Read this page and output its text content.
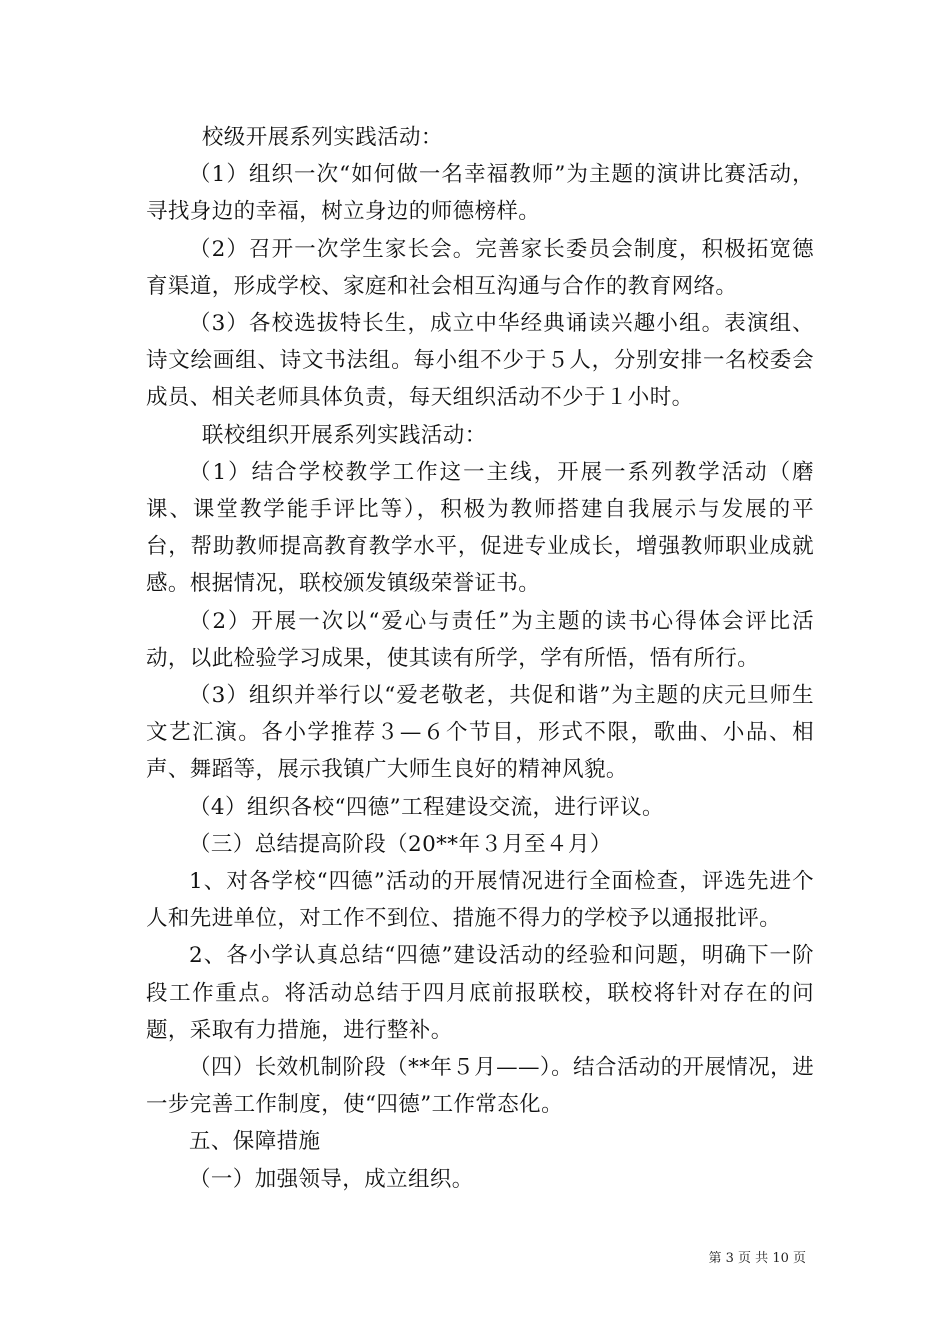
校级开展系列实践活动：

（1）组织一次“如何做一名幸福教师”为主题的演讲比赛活动，寻找身边的幸福，树立身边的师德榜样。

（2）召开一次学生家长会。完善家长委员会制度，积极拓宽德育渠道，形成学校、家庭和社会相互沟通与合作的教育网络。

（3）各校选拔特长生，成立中华经典诵读兴趣小组。表演组、诗文绘画组、诗文书法组。每小组不少于５人，分别安排一名校委会成员、相关老师具体负责，每天组织活动不少于１小时。

联校组织开展系列实践活动：

（1）结合学校教学工作这一主线，开展一系列教学活动（磨课、课堂教学能手评比等），积极为教师搭建自我展示与发展的平台，帮助教师提高教育教学水平，促进专业成长，增强教师职业成就感。根据情况，联校颁发镇级荣誉证书。

（2）开展一次以“爱心与责任”为主题的读书心得体会评比活动，以此检验学习成果，使其读有所学，学有所悟，悟有所行。

（3）组织并举行以“爱老敬老，共促和谐”为主题的庆元旦师生文艺汇演。各小学推荐３—６个节目，形式不限，歌曲、小品、相声、舞蹈等，展示我镇广大师生良好的精神风貌。

（4）组织各校“四德”工程建设交流，进行评议。

（三）总结提高阶段（20**年３月至４月）

1、对各学校“四德”活动的开展情况进行全面检查，评选先进个人和先进单位，对工作不到位、措施不得力的学校予以通报批评。

2、各小学认真总结“四德”建设活动的经验和问题，明确下一阶段工作重点。将活动总结于四月底前报联校，联校将针对存在的问题，采取有力措施，进行整补。

（四）长效机制阶段（**年５月——）。结合活动的开展情况，进一步完善工作制度，使“四德”工作常态化。

五、保障措施

（一）加强领导，成立组织。

第 3 页 共 10 页
